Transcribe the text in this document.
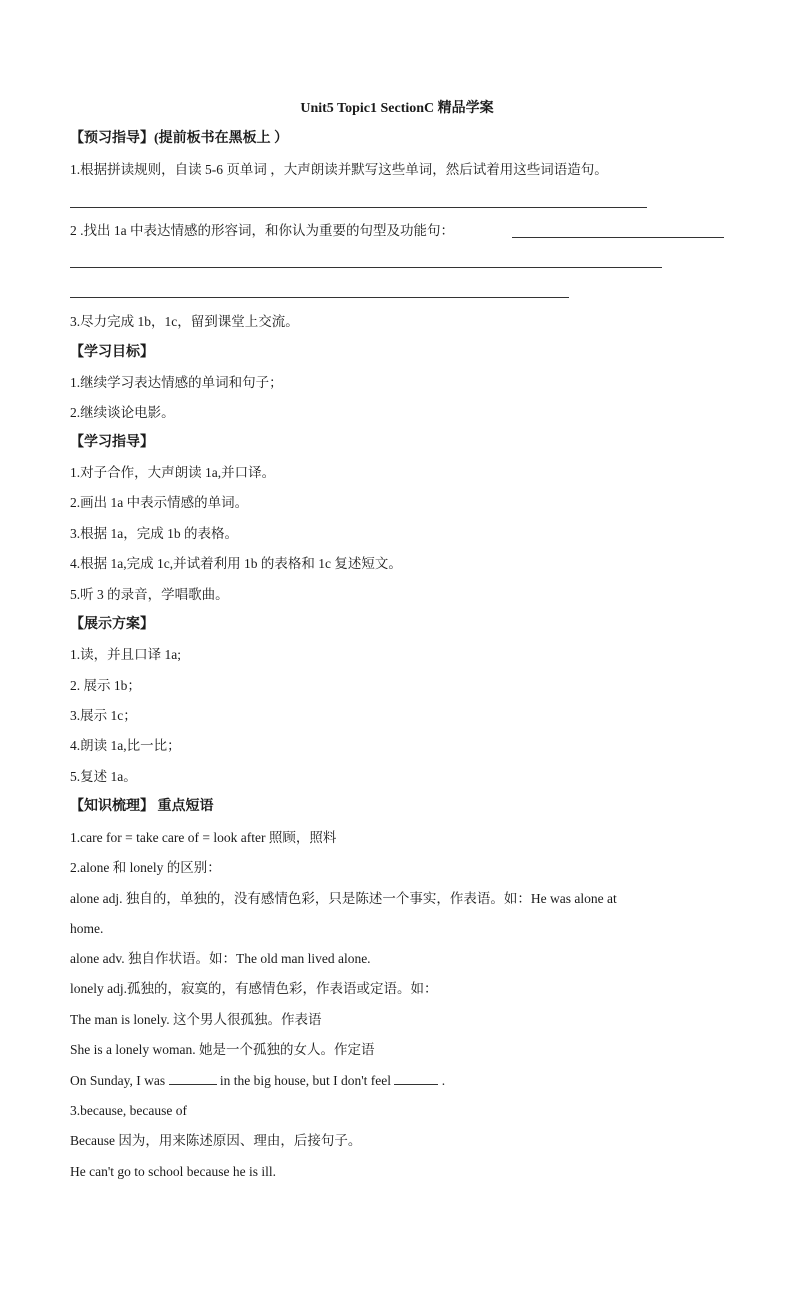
Unit5 Topic1 SectionC 精品学案
【预习指导】(提前板书在黑板上 ）
1.根据拼读规则，自读 5-6 页单词 ，大声朗读并默写这些单词，然后试着用这些词语造句。
2 .找出 1a 中表达情感的形容词，和你认为重要的句型及功能句：
3.尽力完成 1b，1c，留到课堂上交流。
【学习目标】
1.继续学习表达情感的单词和句子；
2.继续谈论电影。
【学习指导】
1.对子合作，大声朗读 1a,并口译。
2.画出 1a 中表示情感的单词。
3.根据 1a，完成 1b 的表格。
4.根据 1a,完成 1c,并试着利用 1b 的表格和 1c 复述短文。
5.听 3 的录音，学唱歌曲。
【展示方案】
1.读，并且口译 1a;
2. 展示 1b；
3.展示 1c；
4.朗读 1a,比一比；
5.复述 1a。
【知识梳理】 重点短语
1.care for = take care of = look after 照顾，照料
2.alone 和 lonely 的区别：
alone adj. 独自的，单独的，没有感情色彩，只是陈述一个事实，作表语。如：He was alone at
home.
alone adv. 独自作状语。如：The old man lived alone.
lonely adj.孤独的，寂寞的，有感情色彩，作表语或定语。如：
The man is lonely. 这个男人很孤独。作表语
She is a lonely woman. 她是一个孤独的女人。作定语
On Sunday, I was	in the big house, but I don't feel	.
3.because, because of
Because 因为，用来陈述原因、理由，后接句子。
He can't go to school because he is ill.
